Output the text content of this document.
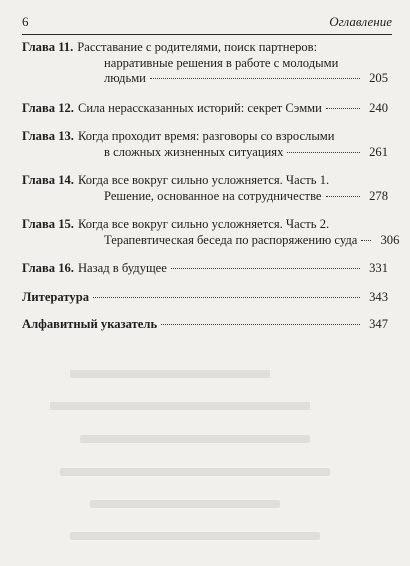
6	Оглавление
Глава 11. Расставание с родителями, поиск партнеров:
нарративные решения в работе с молодыми
людьми	205
Глава 12. Сила нерассказанных историй: секрет Сэмми	240
Глава 13. Когда проходит время: разговоры со взрослыми
в сложных жизненных ситуациях	261
Глава 14. Когда все вокруг сильно усложняется. Часть 1.
Решение, основанное на сотрудничестве	278
Глава 15. Когда все вокруг сильно усложняется. Часть 2.
Терапевтическая беседа по распоряжению суда 306
Глава 16. Назад в будущее	331
Литература	343
Алфавитный указатель	347
